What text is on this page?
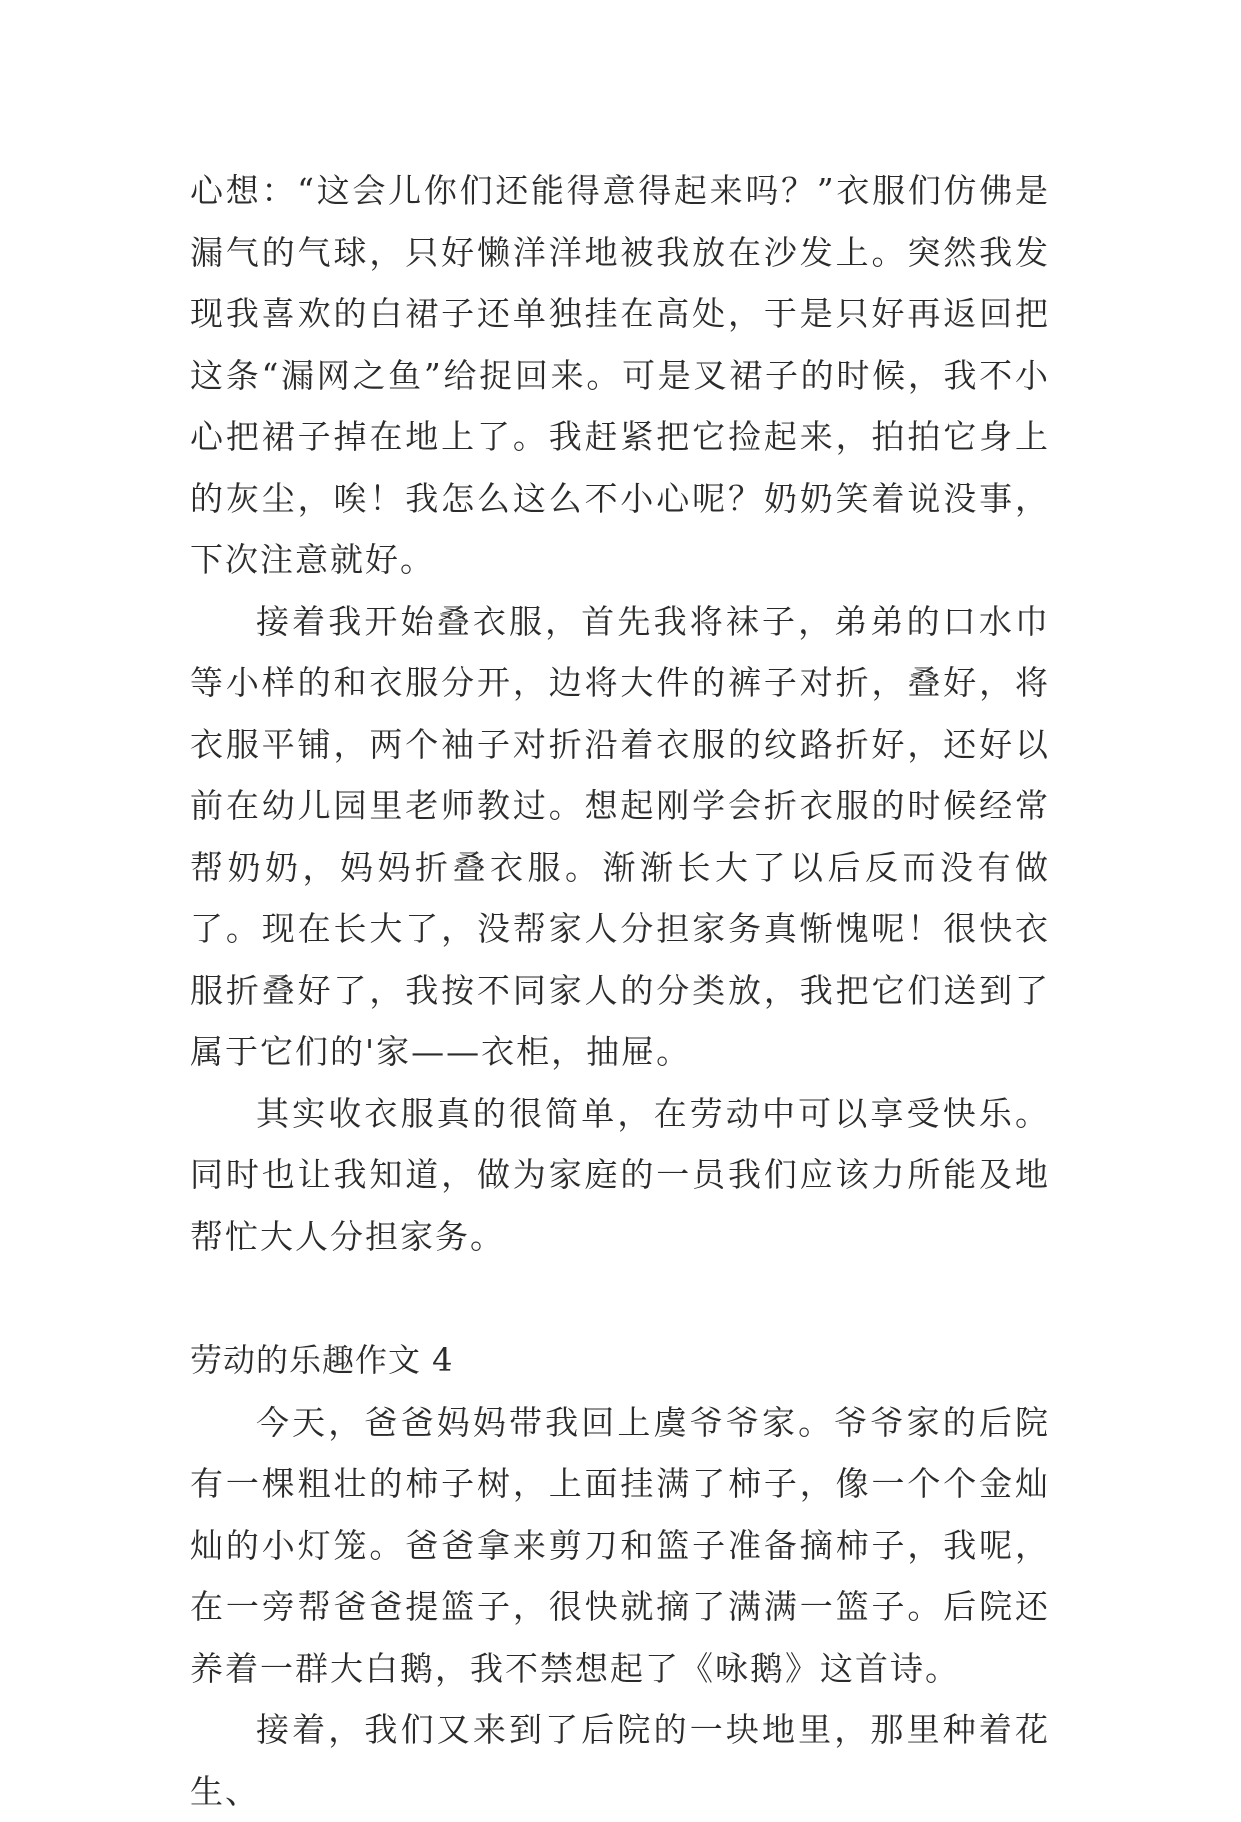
心想：“这会儿你们还能得意得起来吗？”衣服们仿佛是漏气的气球，只好懒洋洋地被我放在沙发上。突然我发现我喜欢的白裙子还单独挂在高处，于是只好再返回把这条“漏网之鱼”给捉回来。可是叉裙子的时候，我不小心把裙子掉在地上了。我赶紧把它捡起来，拍拍它身上的灰尘，唉！我怎么这么不小心呢？奶奶笑着说没事，下次注意就好。

接着我开始叠衣服，首先我将袜子，弟弟的口水巾等小样的和衣服分开，边将大件的裤子对折，叠好，将衣服平铺，两个袖子对折沿着衣服的纹路折好，还好以前在幼儿园里老师教过。想起刚学会折衣服的时候经常帮奶奶，妈妈折叠衣服。渐渐长大了以后反而没有做了。现在长大了，没帮家人分担家务真惭愧呢！很快衣服折叠好了，我按不同家人的分类放，我把它们送到了属于它们的'家——衣柜，抽屉。

其实收衣服真的很简单，在劳动中可以享受快乐。同时也让我知道，做为家庭的一员我们应该力所能及地帮忙大人分担家务。

劳动的乐趣作文 4

今天，爸爸妈妈带我回上虞爷爷家。爷爷家的后院有一棵粗壮的柿子树，上面挂满了柿子，像一个个金灿灿的小灯笼。爸爸拿来剪刀和篮子准备摘柿子，我呢，在一旁帮爸爸提篮子，很快就摘了满满一篮子。后院还养着一群大白鹅，我不禁想起了《咏鹅》这首诗。

接着，我们又来到了后院的一块地里，那里种着花生、
